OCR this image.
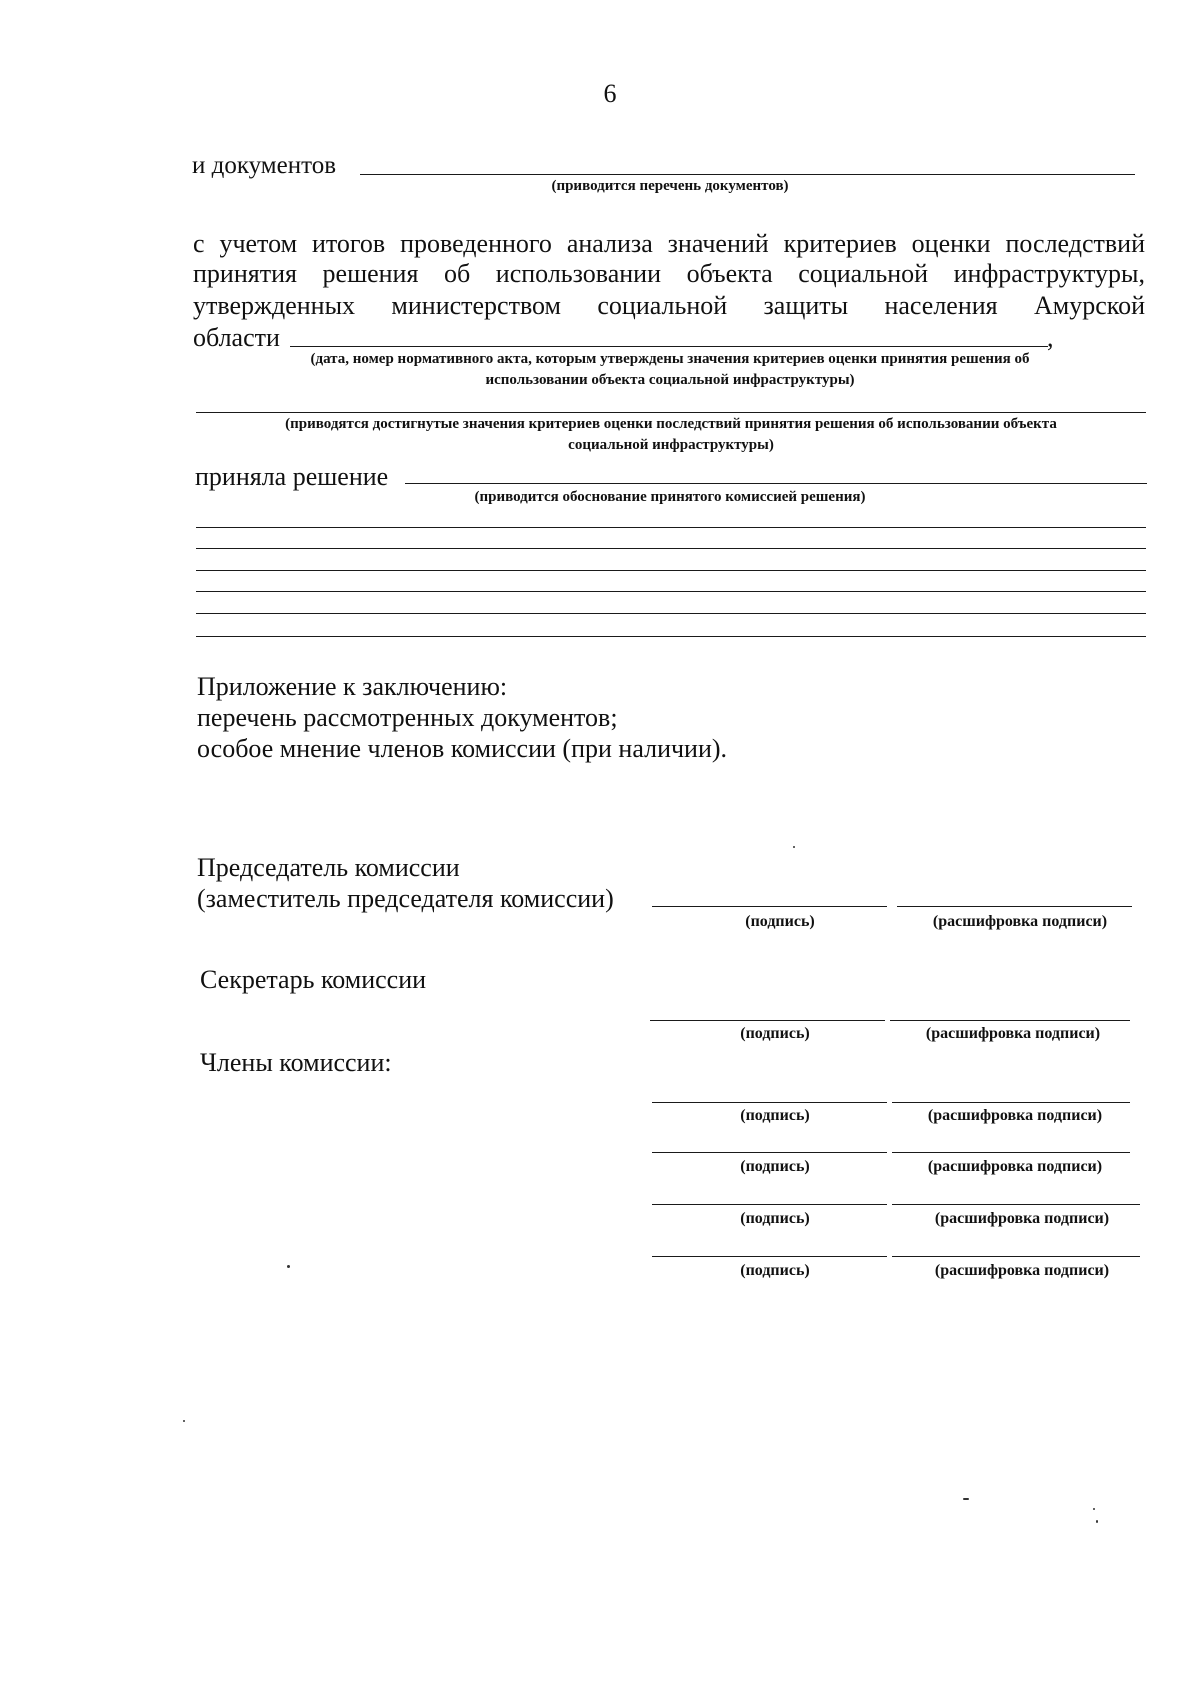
6
и документов
(приводится перечень документов)
с учетом итогов проведенного анализа значений критериев оценки последствий
принятия решения об использовании объекта социальной инфраструктуры,
утвержденных министерством социальной защиты населения Амурской
области	,
(дата, номер нормативного акта, которым утверждены значения критериев оценки принятия решения об
использовании объекта социальной инфраструктуры)
(приводятся достигнутые значения критериев оценки последствий принятия решения об использовании объекта
социальной инфраструктуры)
приняла решение
(приводится обоснование принятого комиссией решения)
Приложение к заключению:
перечень рассмотренных документов;
особое мнение членов комиссии (при наличии).
Председатель комиссии
(заместитель председателя комиссии)
(подпись)	(расшифровка подписи)
Секретарь комиссии
(подпись)	(расшифровка подписи)
Члены комиссии:
(подпись)	(расшифровка подписи)
(подпись)	(расшифровка подписи)
(подпись)	(расшифровка подписи)
(подпись)	(расшифровка подписи)
